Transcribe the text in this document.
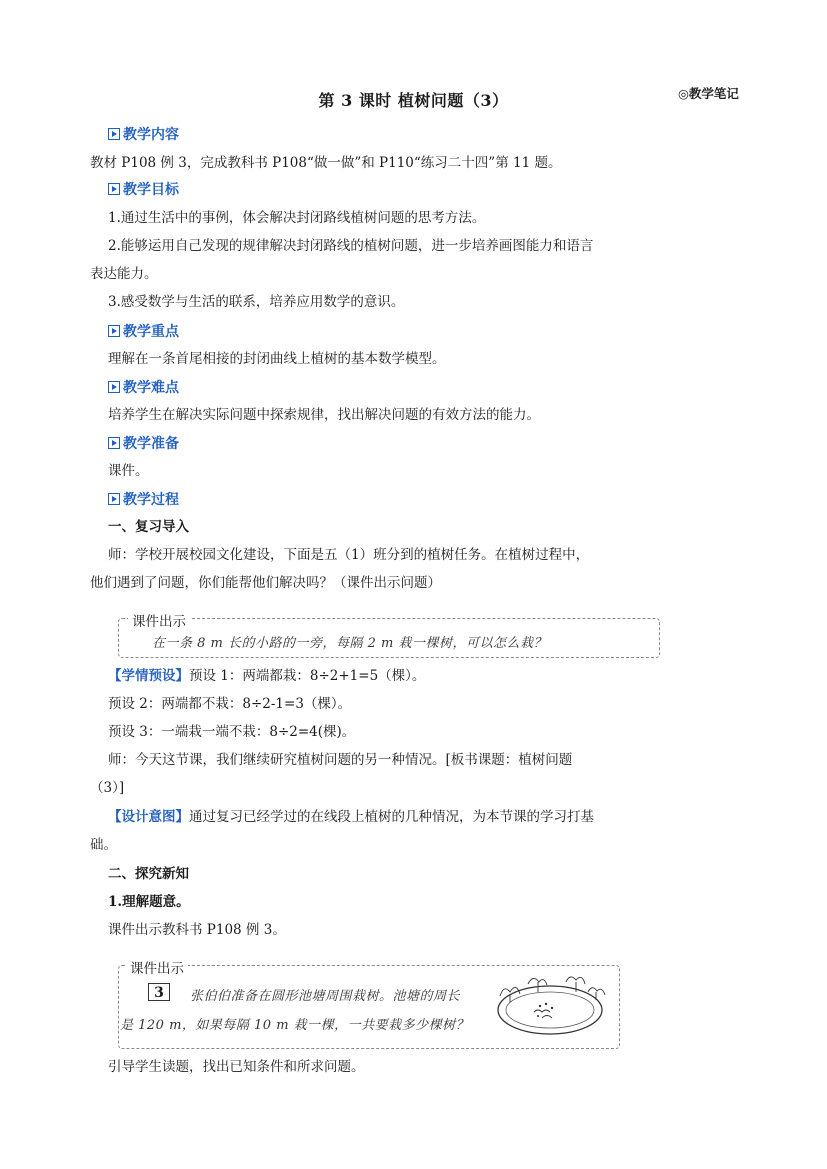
第 3 课时 植树问题（3）	◎教学笔记
教学内容
教材 P108 例 3，完成教科书 P108“做一做”和 P110“练习二十四”第 11 题。
教学目标
1.通过生活中的事例，体会解决封闭路线植树问题的思考方法。
2.能够运用自己发现的规律解决封闭路线的植树问题，进一步培养画图能力和语言
表达能力。
3.感受数学与生活的联系，培养应用数学的意识。
教学重点
理解在一条首尾相接的封闭曲线上植树的基本数学模型。
教学难点
培养学生在解决实际问题中探索规律，找出解决问题的有效方法的能力。
教学准备
课件。
教学过程
一、复习导入
师：学校开展校园文化建设，下面是五（1）班分到的植树任务。在植树过程中，
他们遇到了问题，你们能帮他们解决吗？（课件出示问题）
课件出示
在一条 8 m 长的小路的一旁，每隔 2 m 栽一棵树，可以怎么栽？
【学情预设】预设 1：两端都栽：8÷2+1=5（棵）。
预设 2：两端都不栽：8÷2-1=3（棵）。
预设 3：一端栽一端不栽：8÷2=4(棵)。
师：今天这节课，我们继续研究植树问题的另一种情况。[板书课题：植树问题
（3）]
【设计意图】通过复习已经学过的在线段上植树的几种情况，为本节课的学习打基
础。
二、探究新知
1.理解题意。
课件出示教科书 P108 例 3。
课件出示
3	张伯伯准备在圆形池塘周围栽树。池塘的周长
是 120 m，如果每隔 10 m 栽一棵，一共要栽多少棵树？
引导学生读题，找出已知条件和所求问题。
